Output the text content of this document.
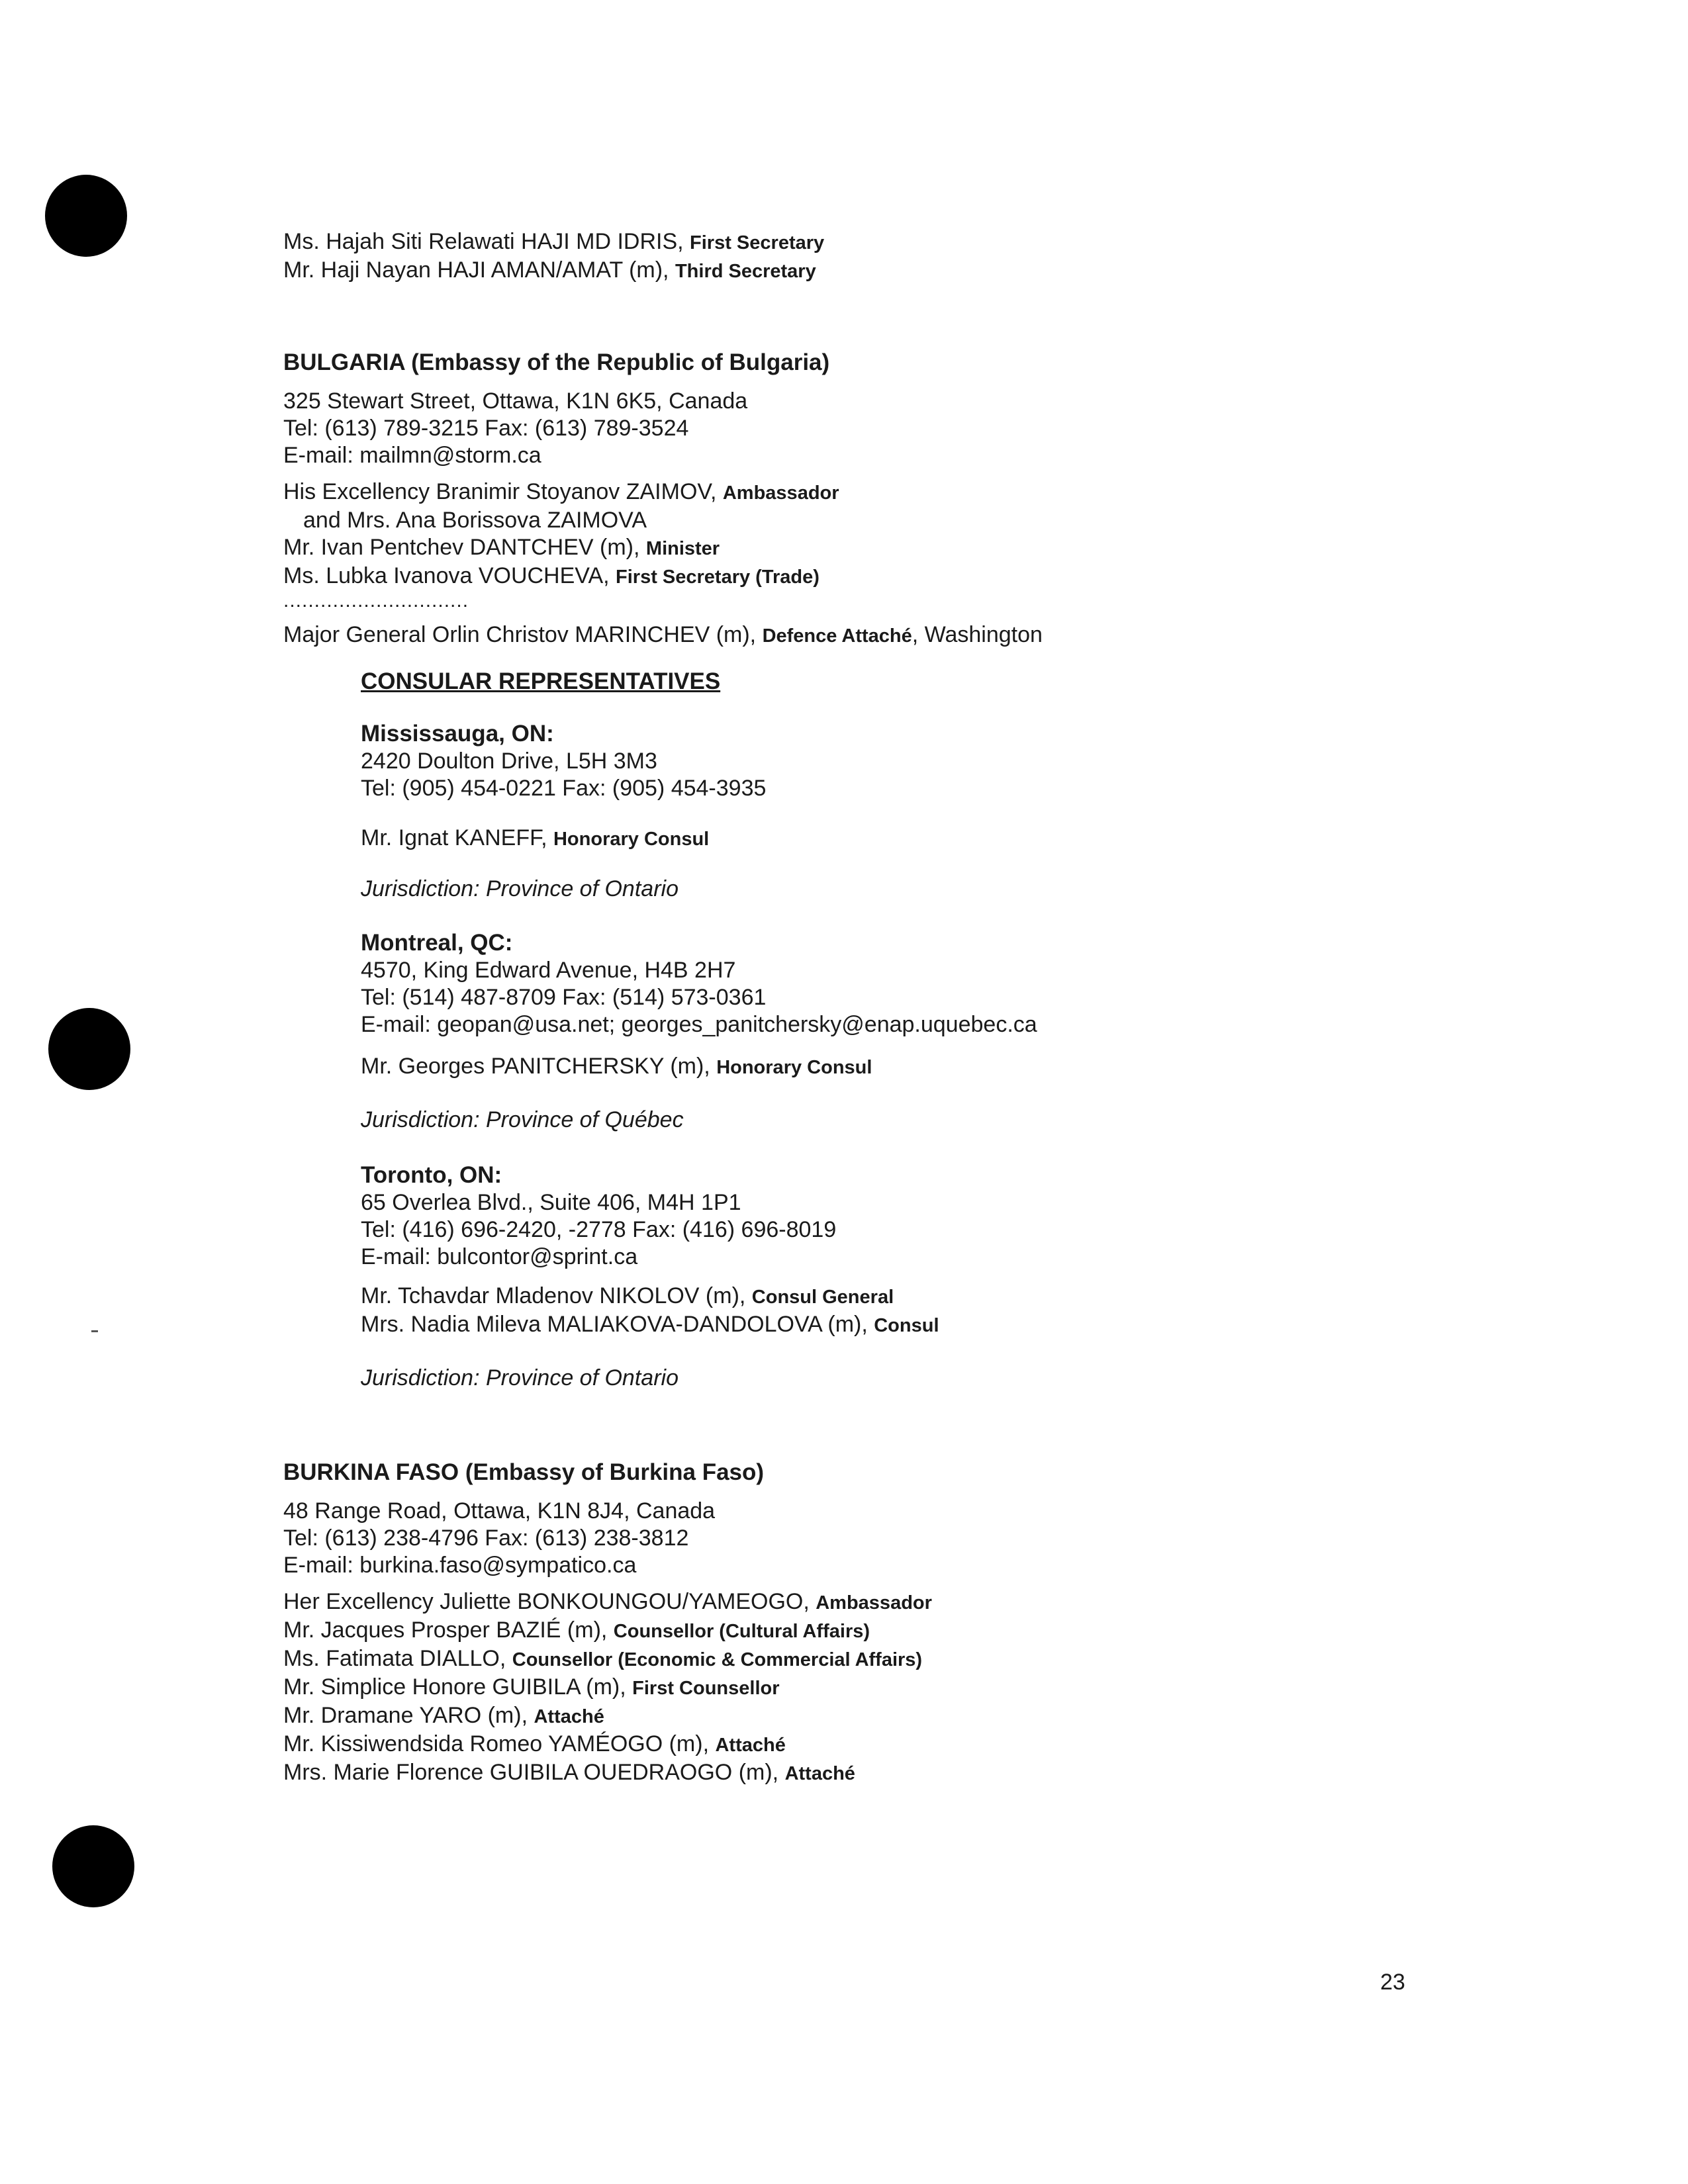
Ms. Hajah Siti Relawati HAJI MD IDRIS, First Secretary
Mr. Haji Nayan HAJI AMAN/AMAT (m), Third Secretary
BULGARIA (Embassy of the Republic of Bulgaria)
325 Stewart Street, Ottawa, K1N 6K5, Canada
Tel: (613) 789-3215 Fax: (613) 789-3524
E-mail: mailmn@storm.ca
His Excellency Branimir Stoyanov ZAIMOV, Ambassador
and Mrs. Ana Borissova ZAIMOVA
Mr. Ivan Pentchev DANTCHEV (m), Minister
Ms. Lubka Ivanova VOUCHEVA, First Secretary (Trade)
..............................
Major General Orlin Christov MARINCHEV (m), Defence Attaché, Washington
CONSULAR REPRESENTATIVES
Mississauga, ON:
2420 Doulton Drive, L5H 3M3
Tel: (905) 454-0221 Fax: (905) 454-3935
Mr. Ignat KANEFF, Honorary Consul
Jurisdiction: Province of Ontario
Montreal, QC:
4570, King Edward Avenue, H4B 2H7
Tel: (514) 487-8709 Fax: (514) 573-0361
E-mail: geopan@usa.net; georges_panitchersky@enap.uquebec.ca
Mr. Georges PANITCHERSKY (m), Honorary Consul
Jurisdiction: Province of Québec
Toronto, ON:
65 Overlea Blvd., Suite 406, M4H 1P1
Tel: (416) 696-2420, -2778 Fax: (416) 696-8019
E-mail: bulcontor@sprint.ca
Mr. Tchavdar Mladenov NIKOLOV (m), Consul General
Mrs. Nadia Mileva MALIAKOVA-DANDOLOVA (m), Consul
Jurisdiction: Province of Ontario
BURKINA FASO (Embassy of Burkina Faso)
48 Range Road, Ottawa, K1N 8J4, Canada
Tel: (613) 238-4796 Fax: (613) 238-3812
E-mail: burkina.faso@sympatico.ca
Her Excellency Juliette BONKOUNGOU/YAMEOGO, Ambassador
Mr. Jacques Prosper BAZIÉ (m), Counsellor (Cultural Affairs)
Ms. Fatimata DIALLO, Counsellor (Economic & Commercial Affairs)
Mr. Simplice Honore GUIBILA (m), First Counsellor
Mr. Dramane YARO (m), Attaché
Mr. Kissiwendsida Romeo YAMÉOGO (m), Attaché
Mrs. Marie Florence GUIBILA OUEDRAOGO (m), Attaché
23
